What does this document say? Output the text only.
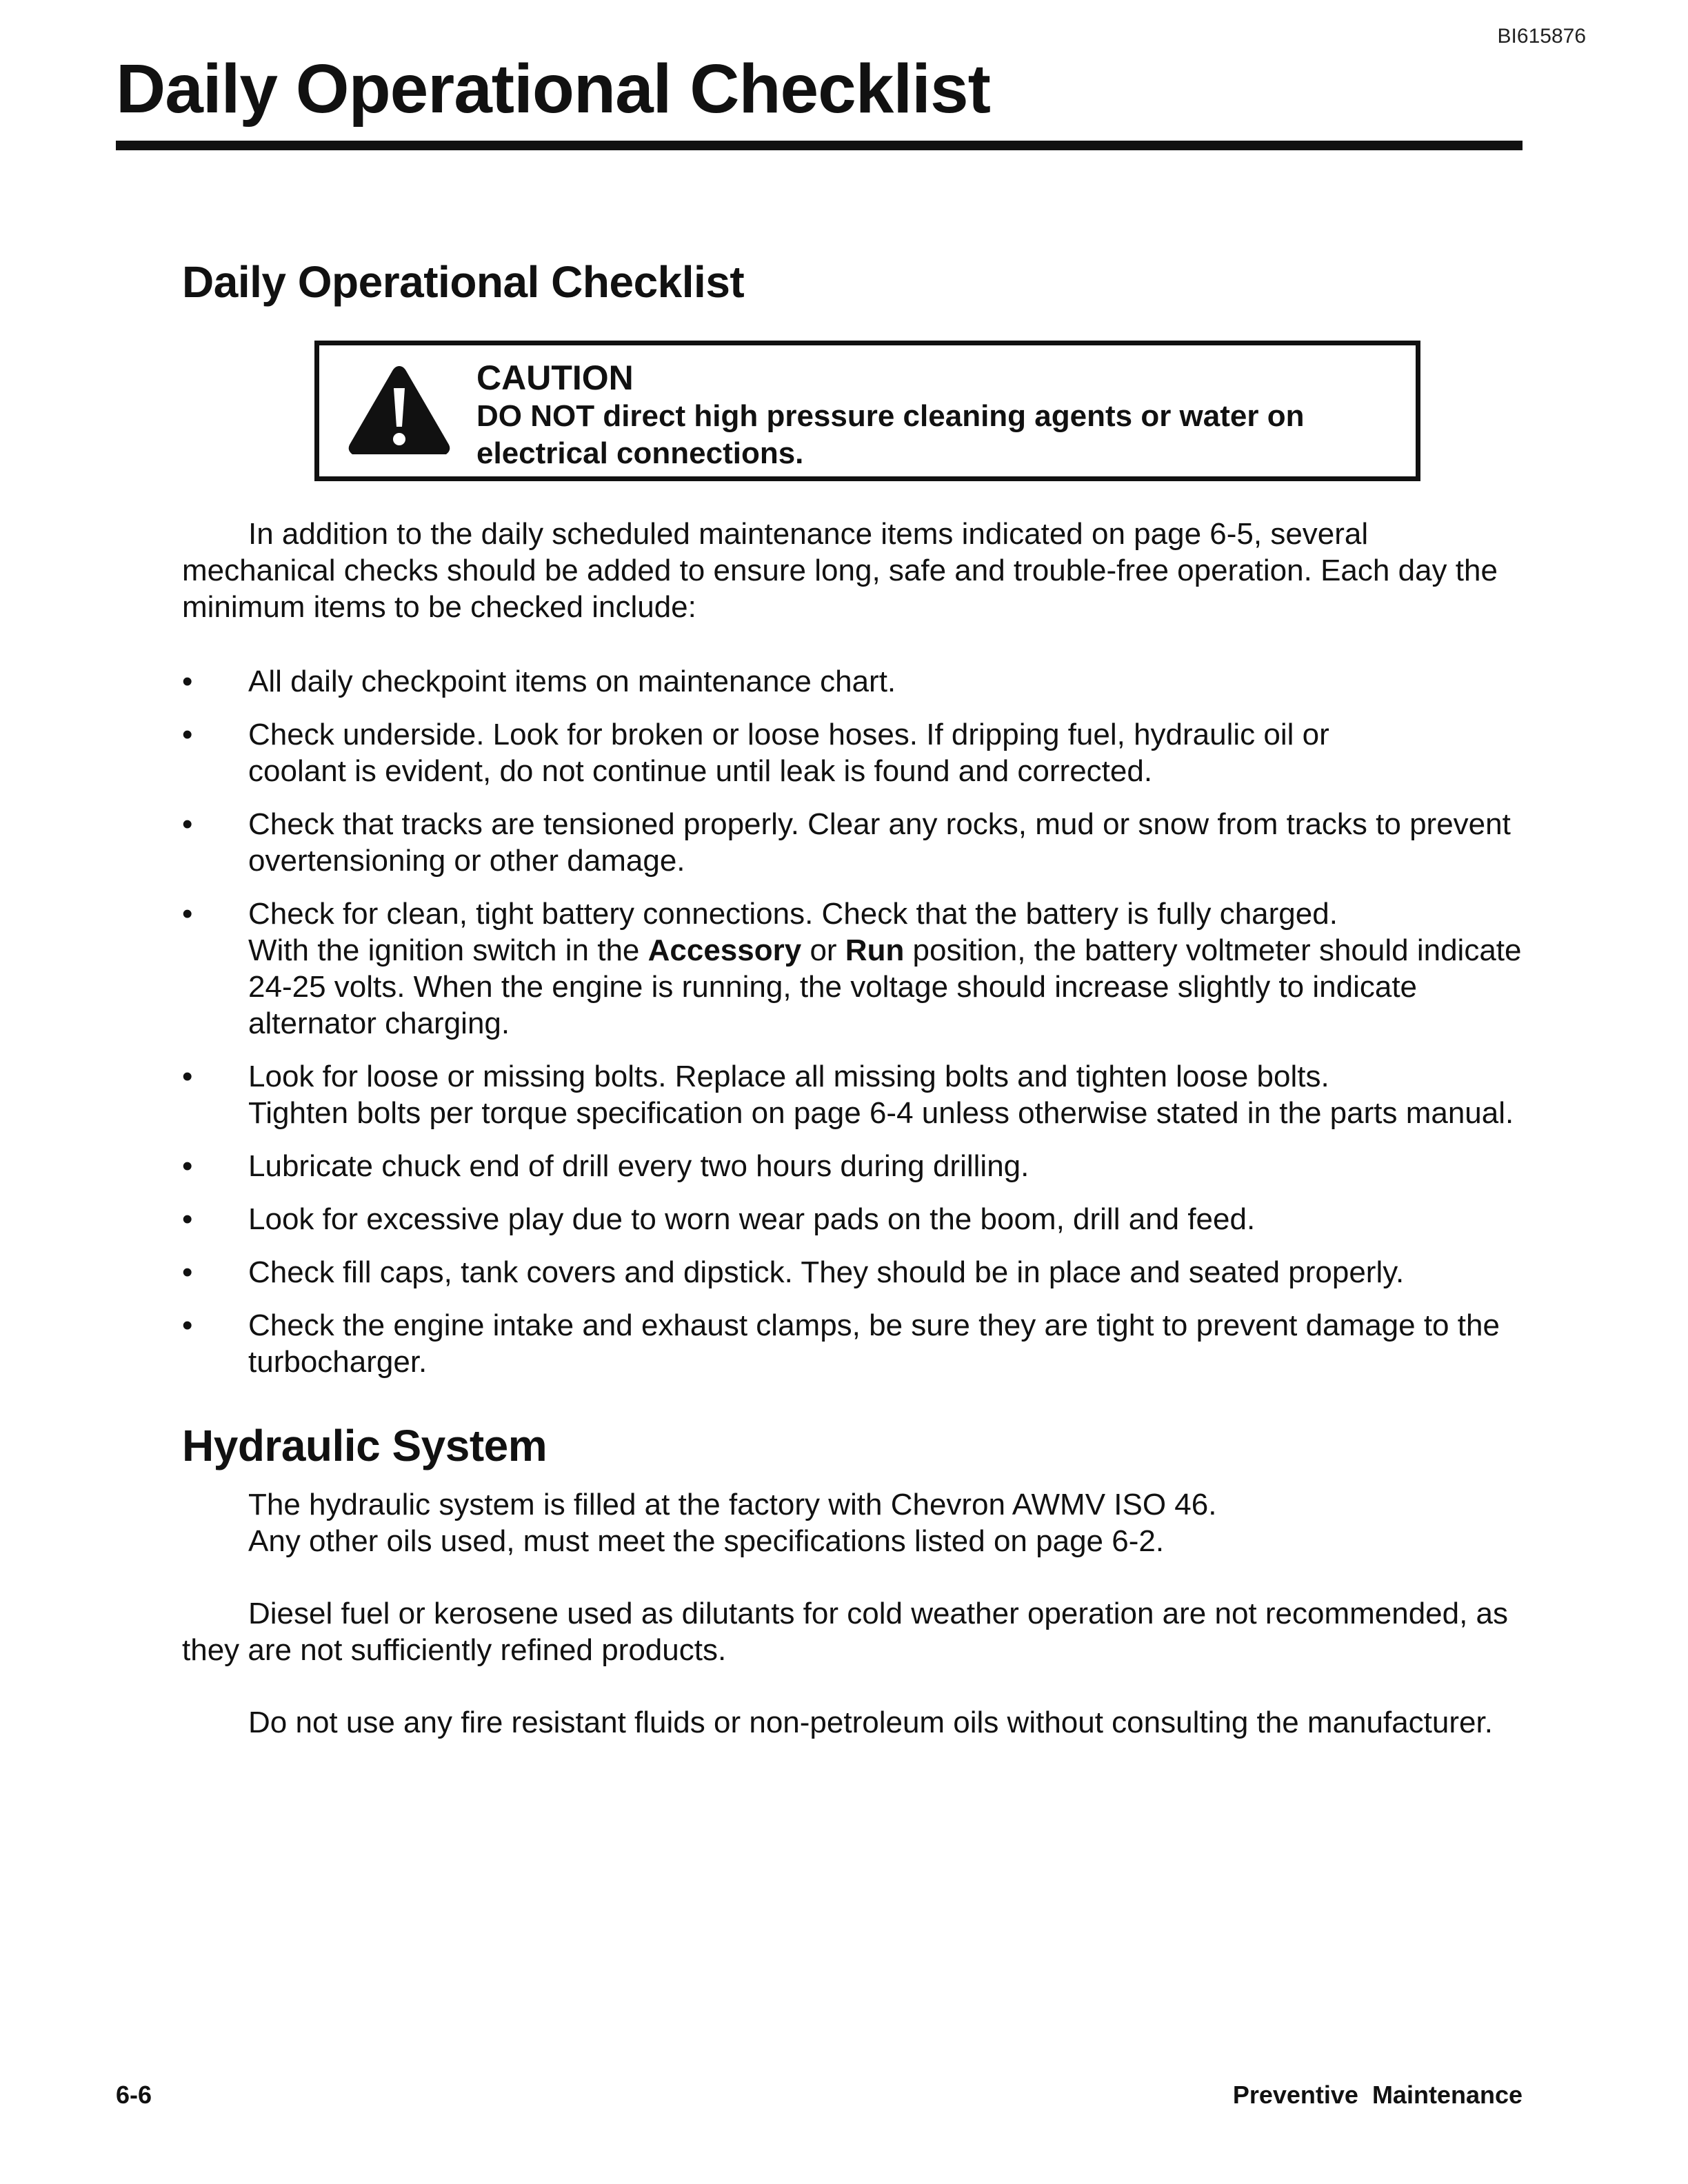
BI615876
Daily Operational Checklist
Daily Operational Checklist
CAUTION
DO NOT direct high pressure cleaning agents or water on electrical connections.

In addition to the daily scheduled maintenance items indicated on page 6-5, several mechanical checks should be added to ensure long, safe and trouble-free operation. Each day the minimum items to be checked include:

•	All daily checkpoint items on maintenance chart.
•	Check underside. Look for broken or loose hoses. If dripping fuel, hydraulic oil or
coolant is evident, do not continue until leak is found and corrected.
•	Check that tracks are tensioned properly. Clear any rocks, mud or snow from tracks to prevent overtensioning or other damage.
•	Check for clean, tight battery connections. Check that the battery is fully charged.
With the ignition switch in the Accessory or Run position, the battery voltmeter should indicate 24-25 volts. When the engine is running, the voltage should increase slightly to indicate alternator charging.
•	Look for loose or missing bolts. Replace all missing bolts and tighten loose bolts.
Tighten bolts per torque specification on page 6-4 unless otherwise stated in the parts manual.
•	Lubricate chuck end of drill every two hours during drilling.
•	Look for excessive play due to worn wear pads on the boom, drill and feed.
•	Check fill caps, tank covers and dipstick. They should be in place and seated properly.
•	Check the engine intake and exhaust clamps, be sure they are tight to prevent damage to the turbocharger.
Hydraulic System
The hydraulic system is filled at the factory with Chevron AWMV ISO 46.
Any other oils used, must meet the specifications listed on page 6-2.

Diesel fuel or kerosene used as dilutants for cold weather operation are not recommended, as they are not sufficiently refined products.

Do not use any fire resistant fluids or non-petroleum oils without consulting the manufacturer.

6-6	Preventive  Maintenance
